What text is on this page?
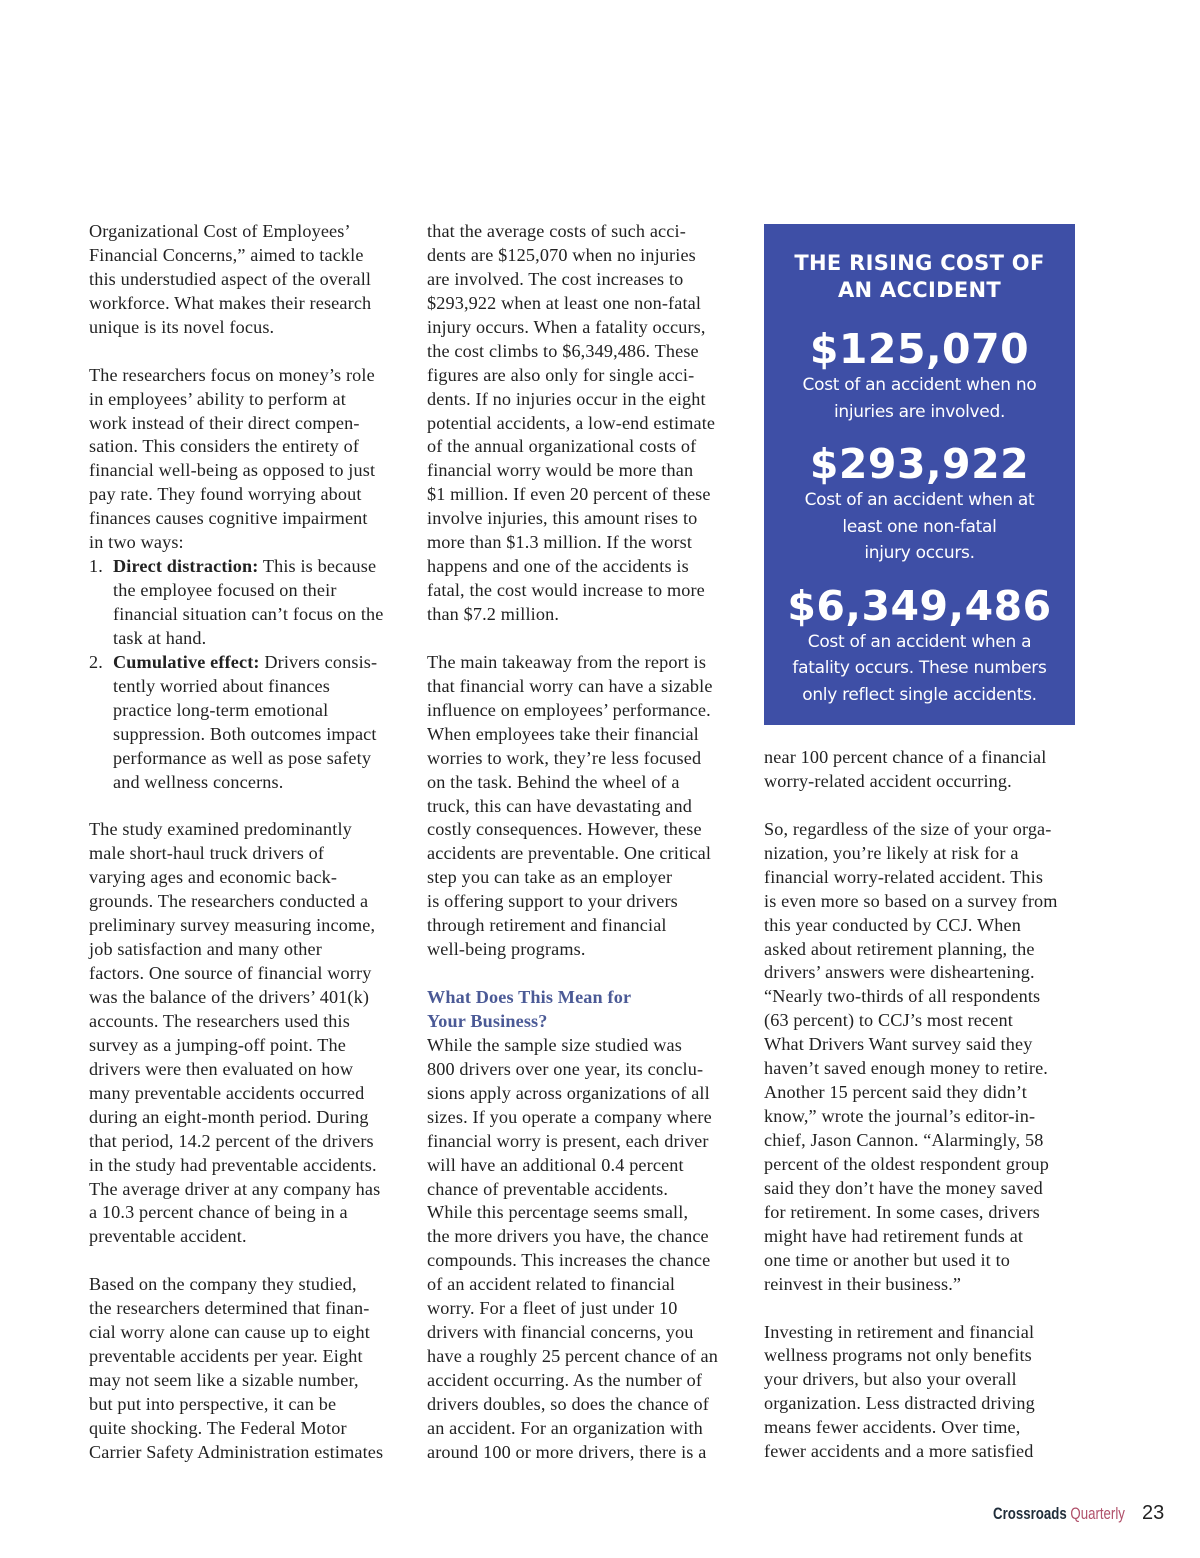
Organizational Cost of Employees’
Financial Concerns,” aimed to tackle
this understudied aspect of the overall
workforce. What makes their research
unique is its novel focus.
The researchers focus on money’s role
in employees’ ability to perform at
work instead of their direct compen-
sation. This considers the entirety of
financial well-being as opposed to just
pay rate. They found worrying about
finances causes cognitive impairment
in two ways:
1. Direct distraction: This is because
the employee focused on their
financial situation can’t focus on the
task at hand.
2. Cumulative effect: Drivers consis-
tently worried about finances
practice long-term emotional
suppression. Both outcomes impact
performance as well as pose safety
and wellness concerns.
The study examined predominantly
male short-haul truck drivers of
varying ages and economic back-
grounds. The researchers conducted a
preliminary survey measuring income,
job satisfaction and many other
factors. One source of financial worry
was the balance of the drivers’ 401(k)
accounts. The researchers used this
survey as a jumping-off point. The
drivers were then evaluated on how
many preventable accidents occurred
during an eight-month period. During
that period, 14.2 percent of the drivers
in the study had preventable accidents.
The average driver at any company has
a 10.3 percent chance of being in a
preventable accident.
Based on the company they studied,
the researchers determined that finan-
cial worry alone can cause up to eight
preventable accidents per year. Eight
may not seem like a sizable number,
but put into perspective, it can be
quite shocking. The Federal Motor
Carrier Safety Administration estimates
that the average costs of such acci-
dents are $125,070 when no injuries
are involved. The cost increases to
$293,922 when at least one non-fatal
injury occurs. When a fatality occurs,
the cost climbs to $6,349,486. These
figures are also only for single acci-
dents. If no injuries occur in the eight
potential accidents, a low-end estimate
of the annual organizational costs of
financial worry would be more than
$1 million. If even 20 percent of these
involve injuries, this amount rises to
more than $1.3 million. If the worst
happens and one of the accidents is
fatal, the cost would increase to more
than $7.2 million.
The main takeaway from the report is
that financial worry can have a sizable
influence on employees’ performance.
When employees take their financial
worries to work, they’re less focused
on the task. Behind the wheel of a
truck, this can have devastating and
costly consequences. However, these
accidents are preventable. One critical
step you can take as an employer
is offering support to your drivers
through retirement and financial
well-being programs.
What Does This Mean for
Your Business?
While the sample size studied was
800 drivers over one year, its conclu-
sions apply across organizations of all
sizes. If you operate a company where
financial worry is present, each driver
will have an additional 0.4 percent
chance of preventable accidents.
While this percentage seems small,
the more drivers you have, the chance
compounds. This increases the chance
of an accident related to financial
worry. For a fleet of just under 10
drivers with financial concerns, you
have a roughly 25 percent chance of an
accident occurring. As the number of
drivers doubles, so does the chance of
an accident. For an organization with
around 100 or more drivers, there is a
near 100 percent chance of a financial
worry-related accident occurring.
So, regardless of the size of your orga-
nization, you’re likely at risk for a
financial worry-related accident. This
is even more so based on a survey from
this year conducted by CCJ. When
asked about retirement planning, the
drivers’ answers were disheartening.
“Nearly two-thirds of all respondents
(63 percent) to CCJ’s most recent
What Drivers Want survey said they
haven’t saved enough money to retire.
Another 15 percent said they didn’t
know,” wrote the journal’s editor-in-
chief, Jason Cannon. “Alarmingly, 58
percent of the oldest respondent group
said they don’t have the money saved
for retirement. In some cases, drivers
might have had retirement funds at
one time or another but used it to
reinvest in their business.”
Investing in retirement and financial
wellness programs not only benefits
your drivers, but also your overall
organization. Less distracted driving
means fewer accidents. Over time,
fewer accidents and a more satisfied
THE RISING COST OF
AN ACCIDENT
$125,070
Cost of an accident when no
injuries are involved.
$293,922
Cost of an accident when at
least one non-fatal
injury occurs.
$6,349,486
Cost of an accident when a
fatality occurs. These numbers
only reflect single accidents.
Crossroads Quarterly 23
